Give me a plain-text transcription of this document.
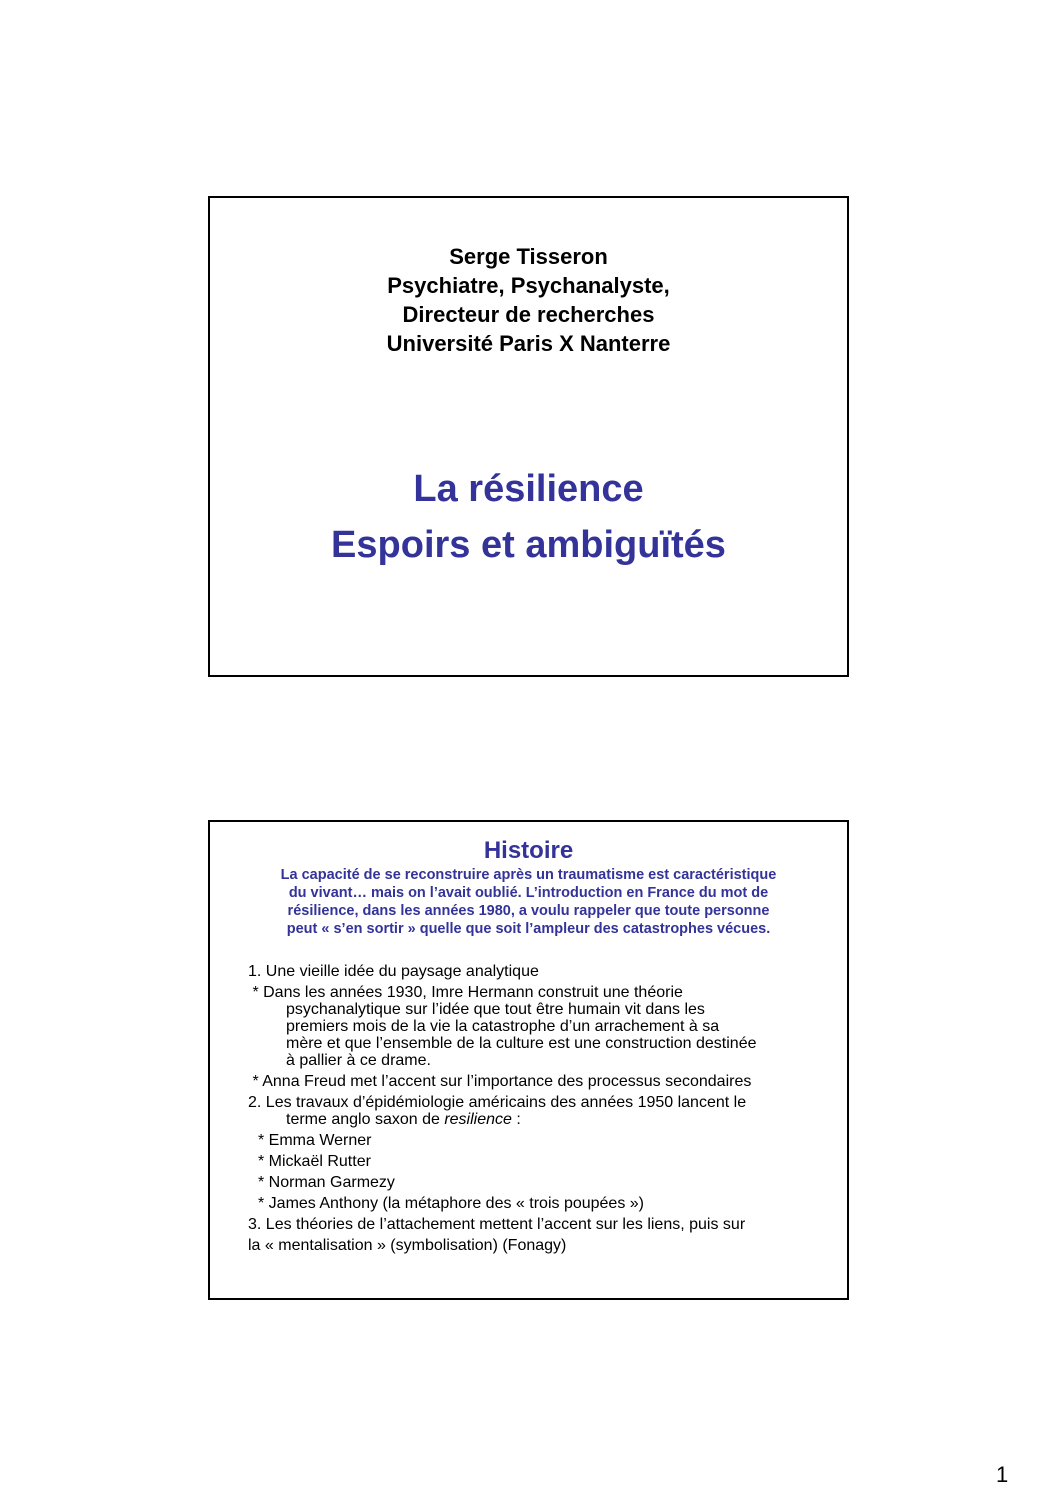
Serge Tisseron
Psychiatre, Psychanalyste,
Directeur de recherches
Université Paris X Nanterre
La résilience
Espoirs et ambiguïtés
Histoire
La capacité de se reconstruire après un traumatisme est caractéristique
du vivant… mais on l’avait oublié. L’introduction en France du mot de
résilience, dans les années 1980, a voulu rappeler que toute personne
peut « s’en sortir » quelle que soit l’ampleur des catastrophes vécues.
1. Une vieille idée du paysage analytique
* Dans les années 1930, Imre Hermann construit une théorie
psychanalytique sur l’idée que tout être humain vit dans les
premiers mois de la vie la catastrophe d’un arrachement à sa
mère et que l’ensemble de la culture est une construction destinée
à pallier à ce drame.
* Anna Freud met l’accent sur l’importance des processus secondaires
2. Les travaux d’épidémiologie américains des années 1950 lancent le
terme anglo saxon de resilience :
* Emma Werner
* Mickaël Rutter
* Norman Garmezy
* James Anthony (la métaphore des « trois poupées »)
3. Les théories de l’attachement mettent l’accent sur les liens, puis sur
la « mentalisation » (symbolisation) (Fonagy)
1
